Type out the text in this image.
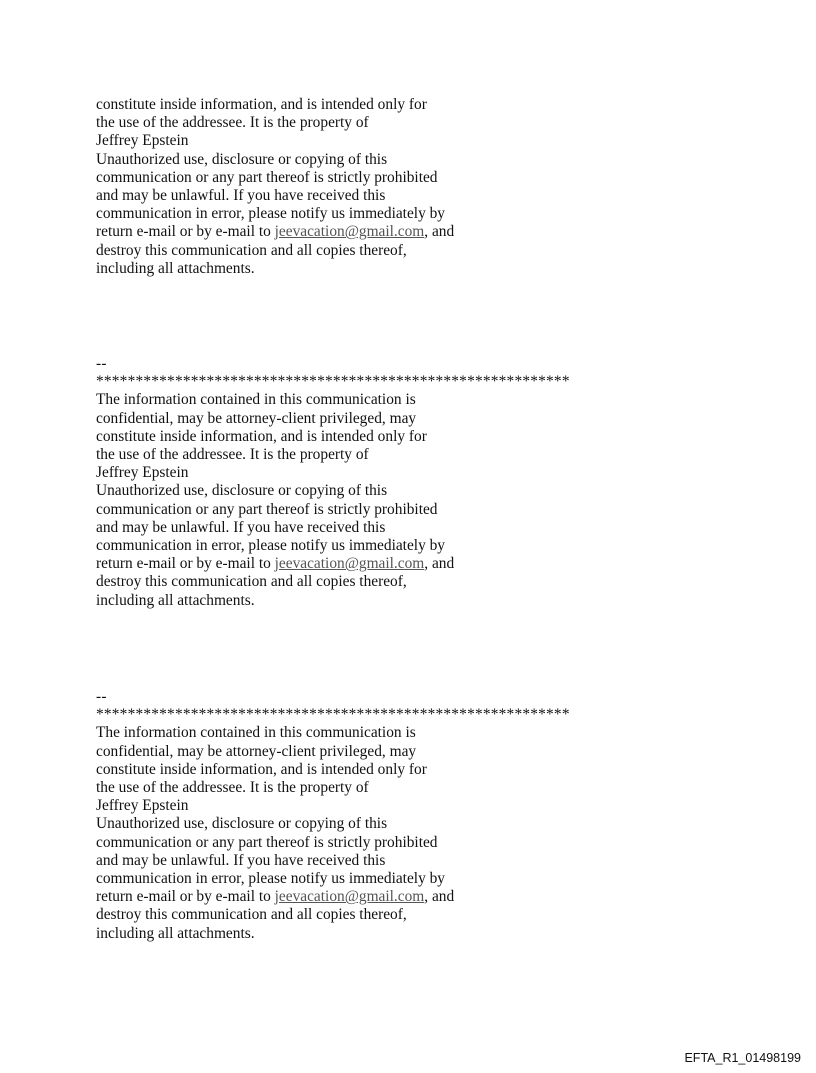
constitute inside information, and is intended only for
the use of the addressee. It is the property of
Jeffrey Epstein
Unauthorized use, disclosure or copying of this
communication or any part thereof is strictly prohibited
and may be unlawful. If you have received this
communication in error, please notify us immediately by
return e-mail or by e-mail to jeevacation@gmail.com, and
destroy this communication and all copies thereof,
including all attachments.
--
************************************************************
The information contained in this communication is
confidential, may be attorney-client privileged, may
constitute inside information, and is intended only for
the use of the addressee. It is the property of
Jeffrey Epstein
Unauthorized use, disclosure or copying of this
communication or any part thereof is strictly prohibited
and may be unlawful. If you have received this
communication in error, please notify us immediately by
return e-mail or by e-mail to jeevacation@gmail.com, and
destroy this communication and all copies thereof,
including all attachments.
--
************************************************************
The information contained in this communication is
confidential, may be attorney-client privileged, may
constitute inside information, and is intended only for
the use of the addressee. It is the property of
Jeffrey Epstein
Unauthorized use, disclosure or copying of this
communication or any part thereof is strictly prohibited
and may be unlawful. If you have received this
communication in error, please notify us immediately by
return e-mail or by e-mail to jeevacation@gmail.com, and
destroy this communication and all copies thereof,
including all attachments.
EFTA_R1_01498199
